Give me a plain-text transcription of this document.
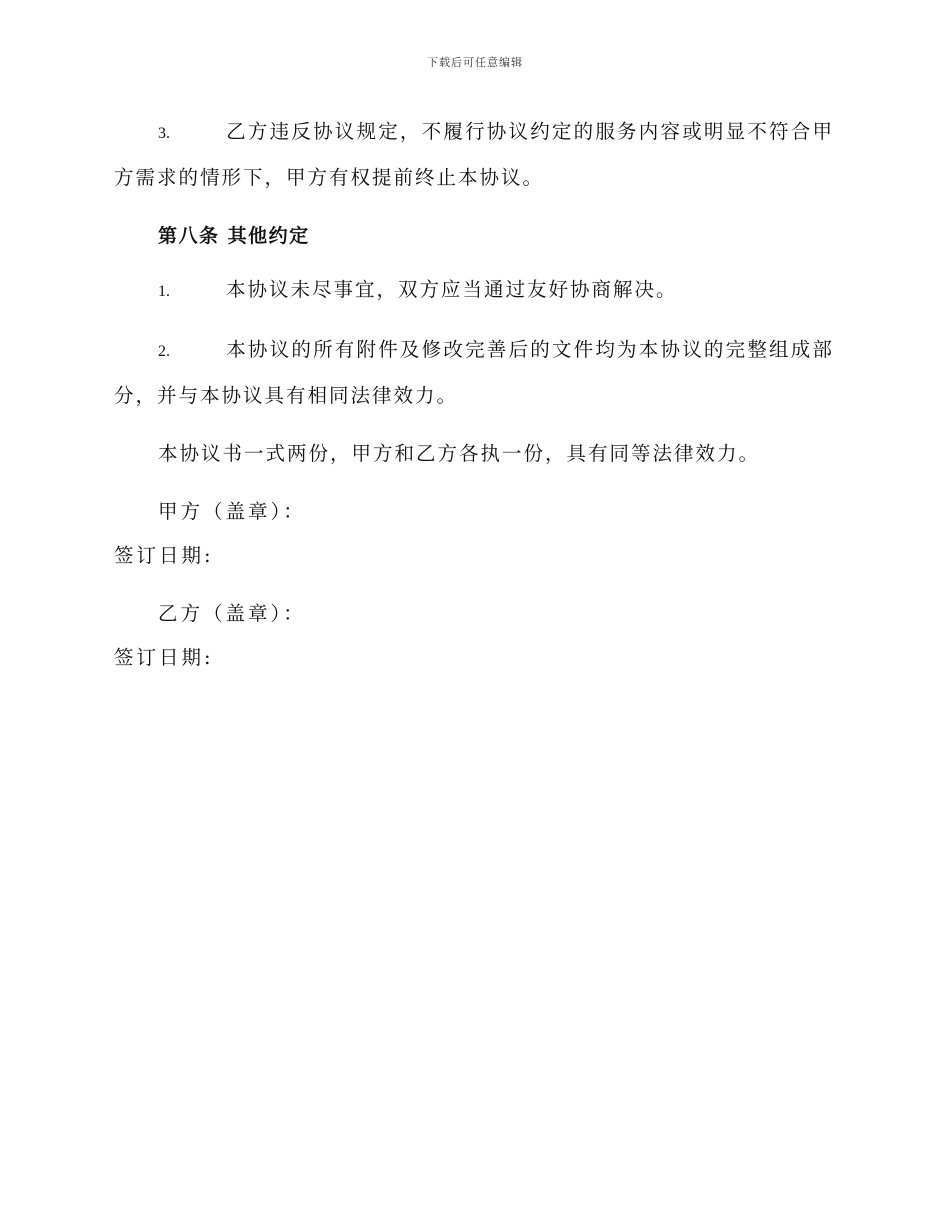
下载后可任意编辑

3.	乙方违反协议规定，不履行协议约定的服务内容或明显不符合甲方需求的情形下，甲方有权提前终止本协议。

第八条 其他约定

1.	本协议未尽事宜，双方应当通过友好协商解决。

2.	本协议的所有附件及修改完善后的文件均为本协议的完整组成部分，并与本协议具有相同法律效力。

本协议书一式两份，甲方和乙方各执一份，具有同等法律效力。

甲方（盖章）：
签订日期:
乙方（盖章）：
签订日期:
